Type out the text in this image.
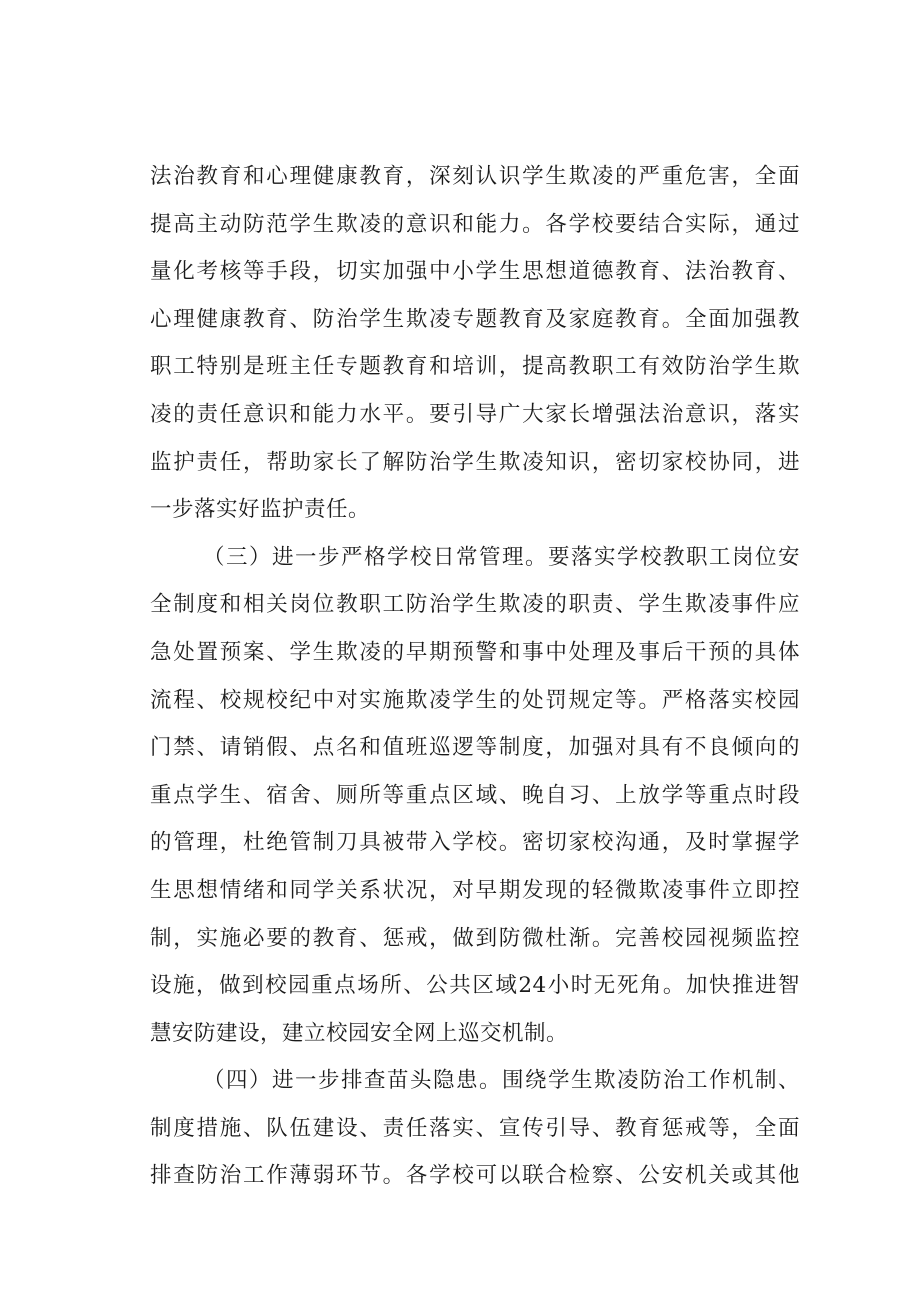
法治教育和心理健康教育，深刻认识学生欺凌的严重危害，全面
提高主动防范学生欺凌的意识和能力。各学校要结合实际，通过
量化考核等手段，切实加强中小学生思想道德教育、法治教育、
心理健康教育、防治学生欺凌专题教育及家庭教育。全面加强教
职工特别是班主任专题教育和培训，提高教职工有效防治学生欺
凌的责任意识和能力水平。要引导广大家长增强法治意识，落实
监护责任，帮助家长了解防治学生欺凌知识，密切家校协同，进
一步落实好监护责任。
（三）进一步严格学校日常管理。要落实学校教职工岗位安
全制度和相关岗位教职工防治学生欺凌的职责、学生欺凌事件应
急处置预案、学生欺凌的早期预警和事中处理及事后干预的具体
流程、校规校纪中对实施欺凌学生的处罚规定等。严格落实校园
门禁、请销假、点名和值班巡逻等制度，加强对具有不良倾向的
重点学生、宿舍、厕所等重点区域、晚自习、上放学等重点时段
的管理，杜绝管制刀具被带入学校。密切家校沟通，及时掌握学
生思想情绪和同学关系状况，对早期发现的轻微欺凌事件立即控
制，实施必要的教育、惩戒，做到防微杜渐。完善校园视频监控
设施，做到校园重点场所、公共区域24小时无死角。加快推进智
慧安防建设，建立校园安全网上巡交机制。
（四）进一步排查苗头隐患。围绕学生欺凌防治工作机制、
制度措施、队伍建设、责任落实、宣传引导、教育惩戒等，全面
排查防治工作薄弱环节。各学校可以联合检察、公安机关或其他
